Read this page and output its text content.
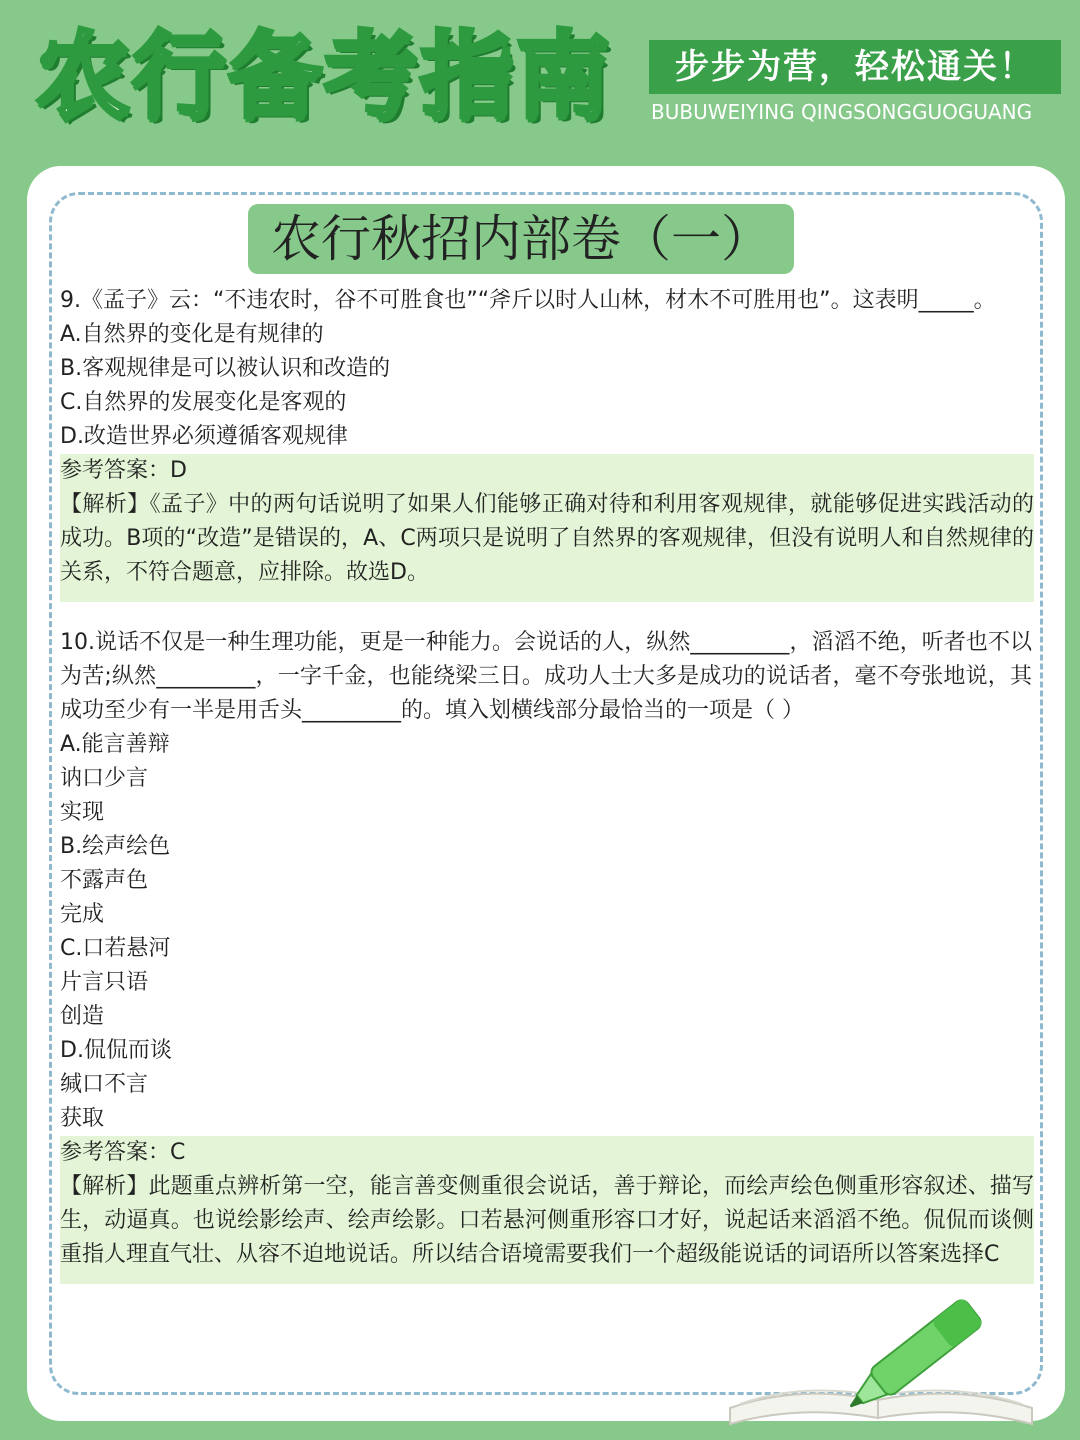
农行备考指南	步步为营，轻松通关！
BUBUWEIYING QINGSONGGUOGUANG
农行秋招内部卷（一）
9.《孟子》云：“不违农时，谷不可胜食也”“斧斤以时人山林，材木不可胜用也”。这表明_____。
A.自然界的变化是有规律的
B.客观规律是可以被认识和改造的
C.自然界的发展变化是客观的
D.改造世界必须遵循客观规律
参考答案：D
【解析】《孟子》中的两句话说明了如果人们能够正确对待和利用客观规律，就能够促进实践活动的成功。B项的“改造”是错误的，A、C两项只是说明了自然界的客观规律，但没有说明人和自然规律的关系，不符合题意，应排除。故选D。
10.说话不仅是一种生理功能，更是一种能力。会说话的人，纵然_________，滔滔不绝，听者也不以为苦;纵然_________，一字千金，也能绕梁三日。成功人士大多是成功的说话者，毫不夸张地说，其成功至少有一半是用舌头_________的。填入划横线部分最恰当的一项是（ ）
A.能言善辩
讷口少言
实现
B.绘声绘色
不露声色
完成
C.口若悬河
片言只语
创造
D.侃侃而谈
缄口不言
获取
参考答案：C
【解析】此题重点辨析第一空，能言善变侧重很会说话，善于辩论，而绘声绘色侧重形容叙述、描写生，动逼真。也说绘影绘声、绘声绘影。口若悬河侧重形容口才好，说起话来滔滔不绝。侃侃而谈侧重指人理直气壮、从容不迫地说话。所以结合语境需要我们一个超级能说话的词语所以答案选择C
